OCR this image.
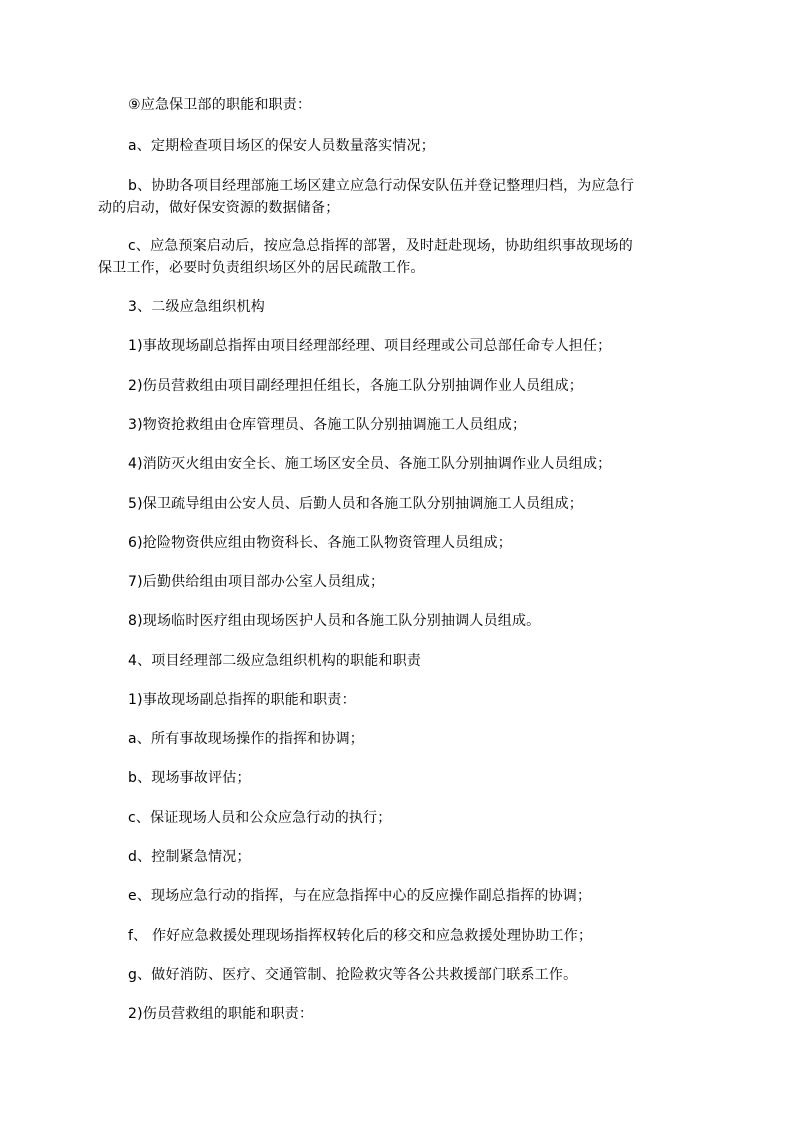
⑨应急保卫部的职能和职责：
a、定期检查项目场区的保安人员数量落实情况；
b、协助各项目经理部施工场区建立应急行动保安队伍并登记整理归档，为应急行
动的启动，做好保安资源的数据储备；
c、应急预案启动后，按应急总指挥的部署，及时赶赴现场，协助组织事故现场的
保卫工作，必要时负责组织场区外的居民疏散工作。
3、二级应急组织机构
1)事故现场副总指挥由项目经理部经理、项目经理或公司总部任命专人担任；
2)伤员营救组由项目副经理担任组长，各施工队分别抽调作业人员组成；
3)物资抢救组由仓库管理员、各施工队分别抽调施工人员组成；
4)消防灭火组由安全长、施工场区安全员、各施工队分别抽调作业人员组成；
5)保卫疏导组由公安人员、后勤人员和各施工队分别抽调施工人员组成；
6)抢险物资供应组由物资科长、各施工队物资管理人员组成；
7)后勤供给组由项目部办公室人员组成；
8)现场临时医疗组由现场医护人员和各施工队分别抽调人员组成。
4、项目经理部二级应急组织机构的职能和职责
1)事故现场副总指挥的职能和职责：
a、所有事故现场操作的指挥和协调；
b、现场事故评估；
c、保证现场人员和公众应急行动的执行；
d、控制紧急情况；
e、现场应急行动的指挥，与在应急指挥中心的反应操作副总指挥的协调；
f、 作好应急救援处理现场指挥权转化后的移交和应急救援处理协助工作；
g、做好消防、医疗、交通管制、抢险救灾等各公共救援部门联系工作。
2)伤员营救组的职能和职责：
